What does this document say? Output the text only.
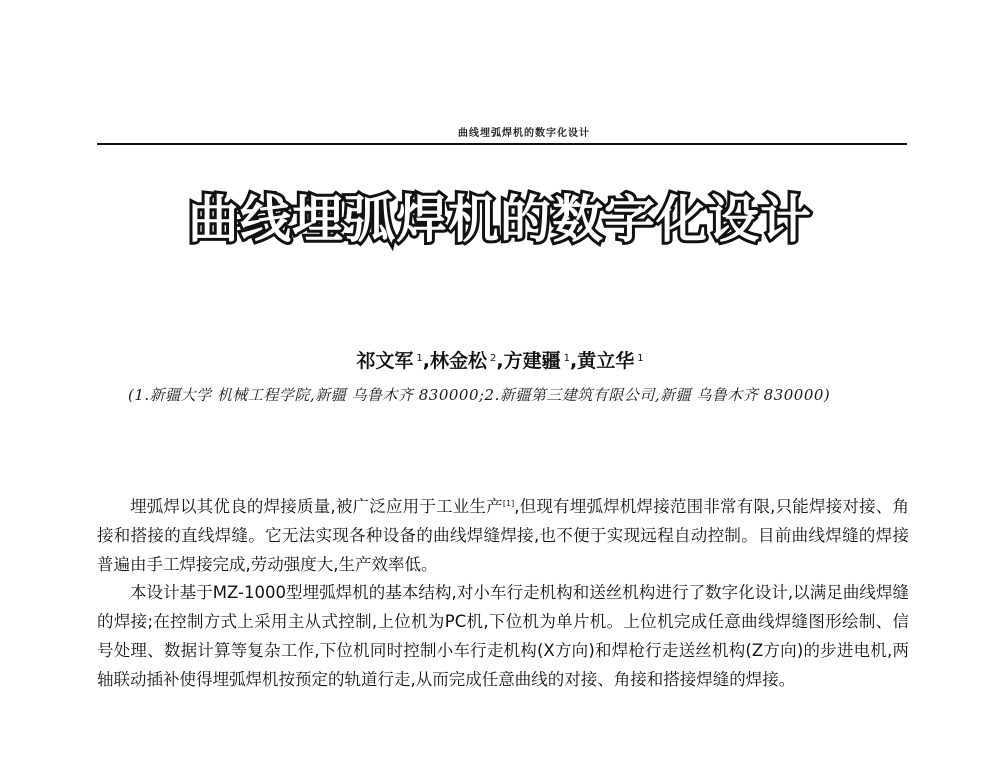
曲线埋弧焊机的数字化设计
曲线埋弧焊机的数字化设计
祁文军 $^1$,林金松 $^2$,方建疆 $^1$,黄立华 $^1$
(1.新疆大学 机械工程学院,新疆 乌鲁木齐 830000;2.新疆第三建筑有限公司,新疆 乌鲁木齐 830000)

埋弧焊以其优良的焊接质量,被广泛应用于工业生产[1],但现有埋弧焊机焊接范围非常有限,只能焊接对接、角接和搭接的直线焊缝。它无法实现各种设备的曲线焊缝焊接,也不便于实现远程自动控制。目前曲线焊缝的焊接普遍由手工焊接完成,劳动强度大,生产效率低。

本设计基于MZ-1000型埋弧焊机的基本结构,对小车行走机构和送丝机构进行了数字化设计,以满足曲线焊缝的焊接;在控制方式上采用主从式控制,上位机为PC机,下位机为单片机。上位机完成任意曲线焊缝图形绘制、信号处理、数据计算等复杂工作,下位机同时控制小车行走机构(X方向)和焊枪行走送丝机构(Z方向)的步进电机,两轴联动插补使得埋弧焊机按预定的轨道行走,从而完成任意曲线的对接、角接和搭接焊缝的焊接。
